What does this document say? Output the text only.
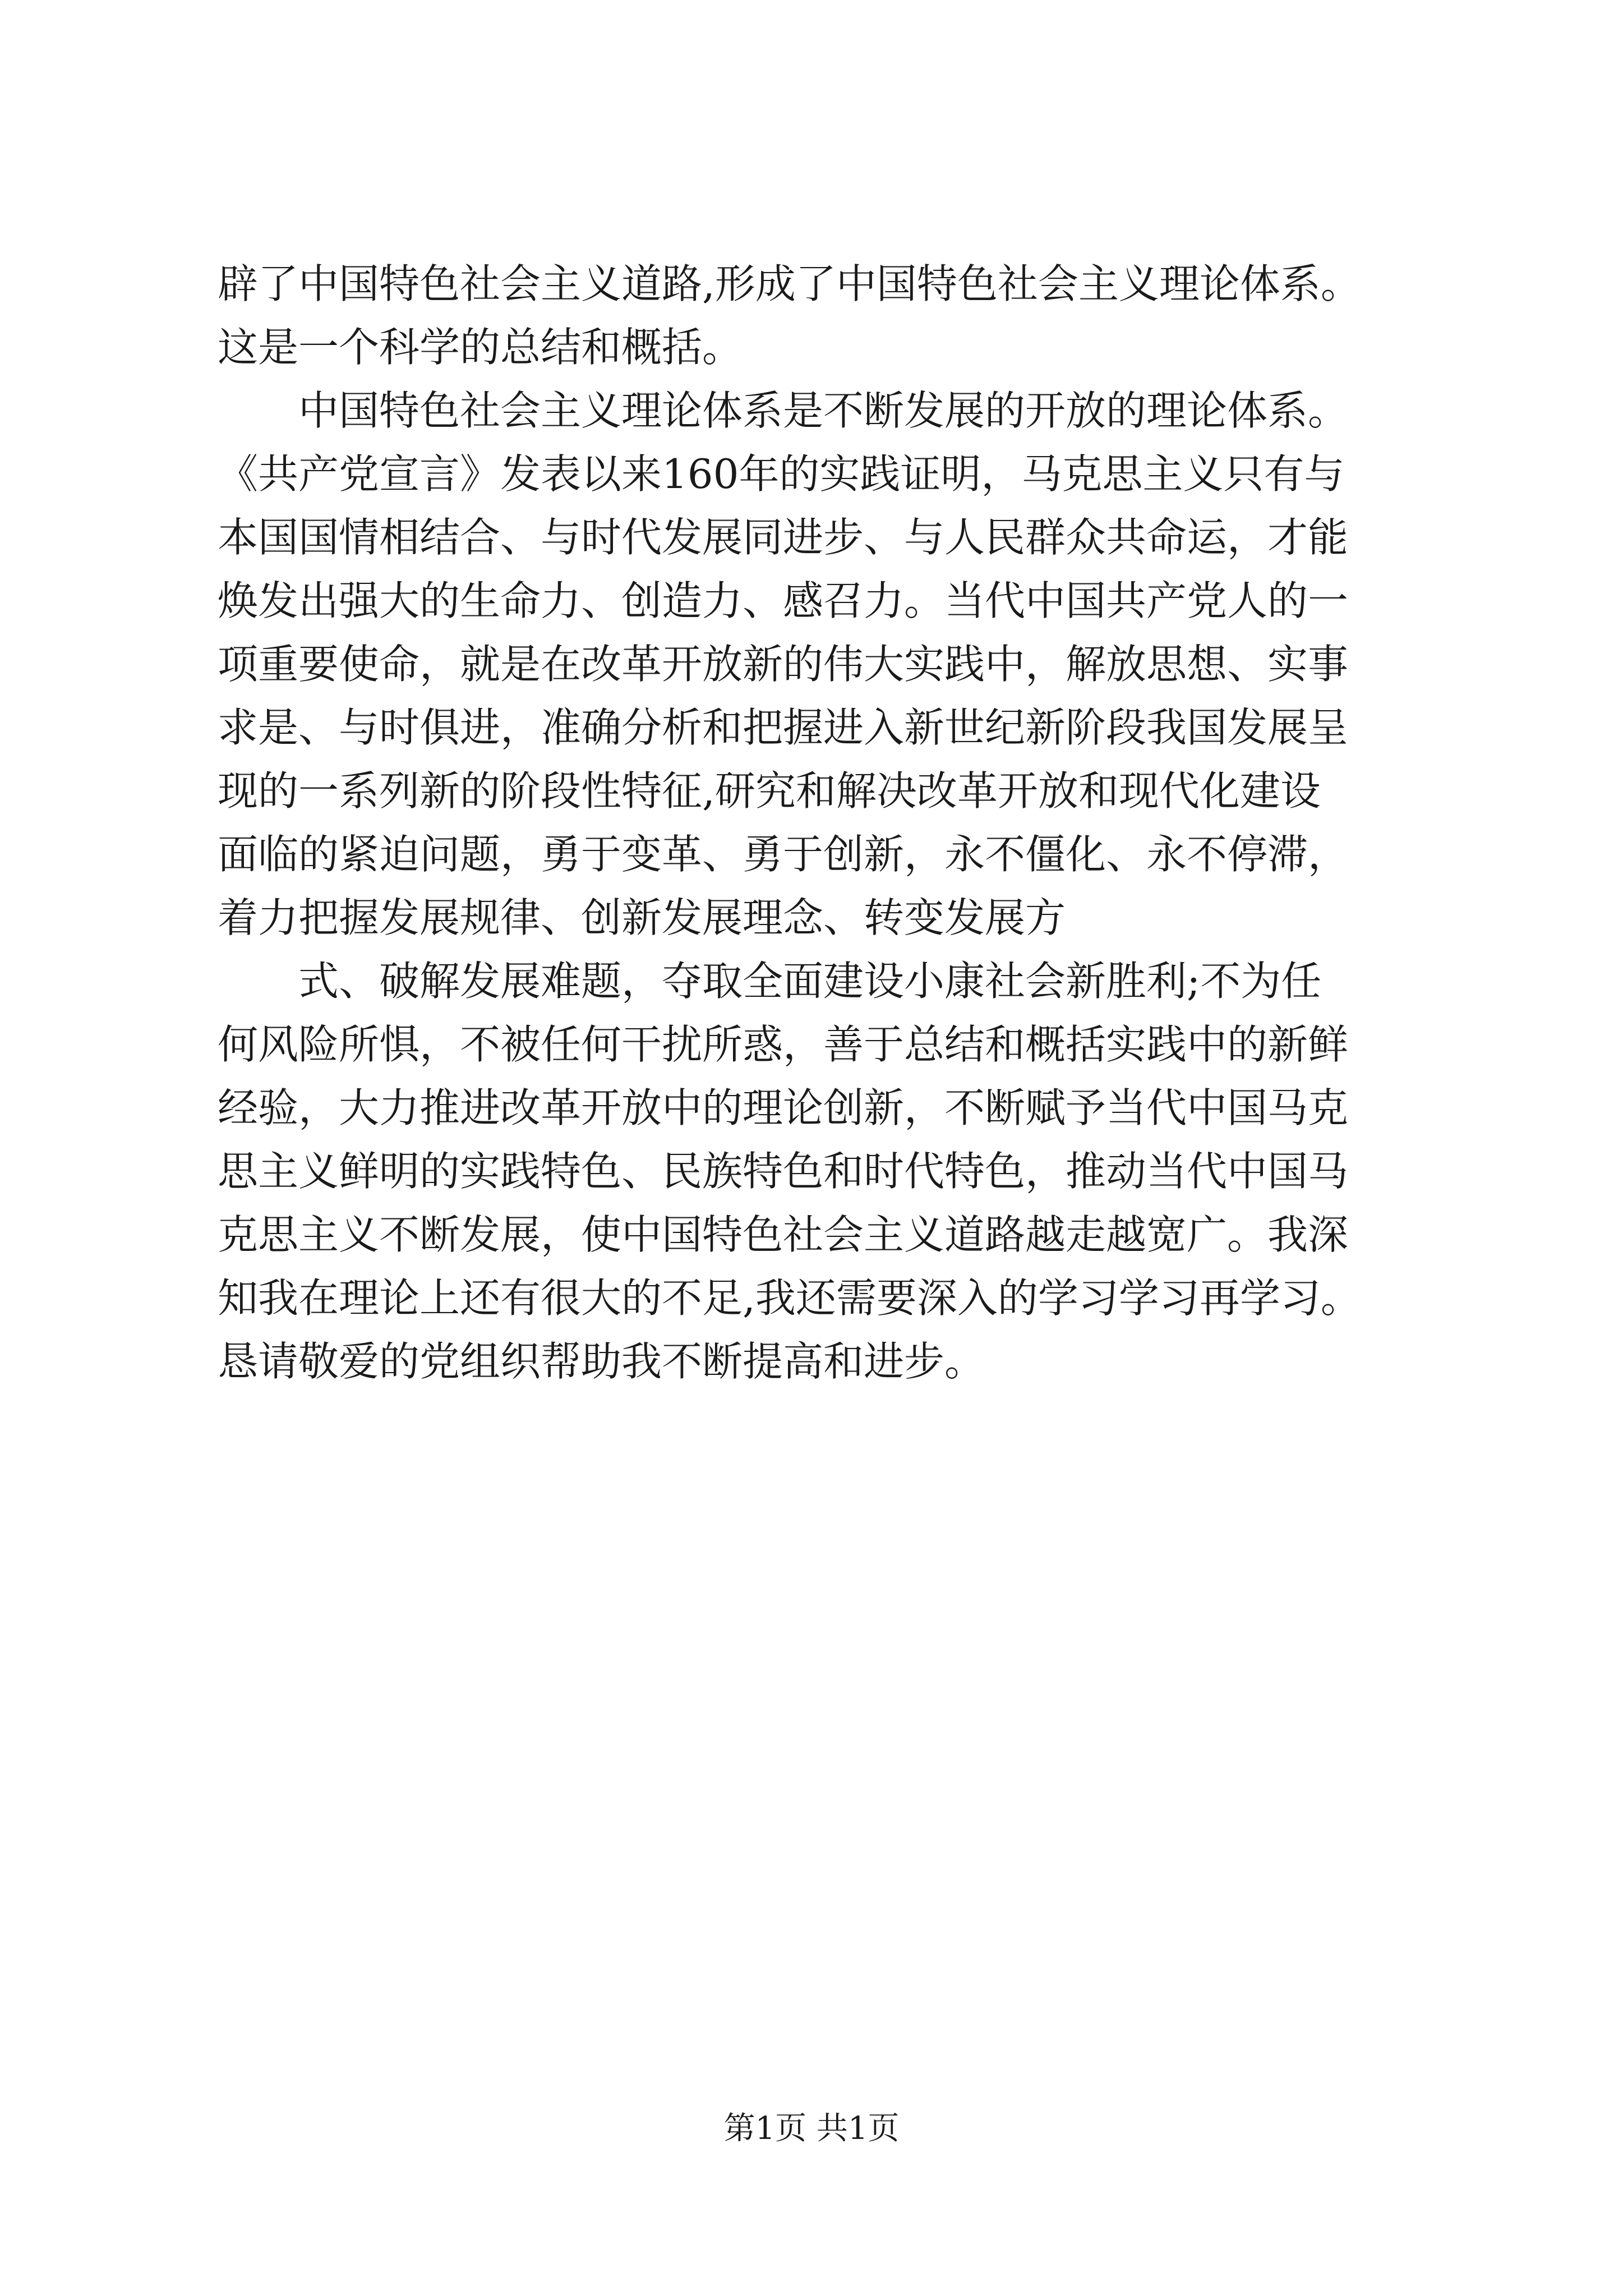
辟了中国特色社会主义道路,形成了中国特色社会主义理论体系。
这是一个科学的总结和概括。
中国特色社会主义理论体系是不断发展的开放的理论体系。
《共产党宣言》发表以来160年的实践证明，马克思主义只有与
本国国情相结合、与时代发展同进步、与人民群众共命运，才能
焕发出强大的生命力、创造力、感召力。当代中国共产党人的一
项重要使命，就是在改革开放新的伟大实践中，解放思想、实事
求是、与时俱进，准确分析和把握进入新世纪新阶段我国发展呈
现的一系列新的阶段性特征,研究和解决改革开放和现代化建设
面临的紧迫问题，勇于变革、勇于创新，永不僵化、永不停滞，
着力把握发展规律、创新发展理念、转变发展方
式、破解发展难题，夺取全面建设小康社会新胜利;不为任
何风险所惧，不被任何干扰所惑，善于总结和概括实践中的新鲜
经验，大力推进改革开放中的理论创新，不断赋予当代中国马克
思主义鲜明的实践特色、民族特色和时代特色，推动当代中国马
克思主义不断发展，使中国特色社会主义道路越走越宽广。我深
知我在理论上还有很大的不足,我还需要深入的学习学习再学习。
恳请敬爱的党组织帮助我不断提高和进步。
第1页 共1页
